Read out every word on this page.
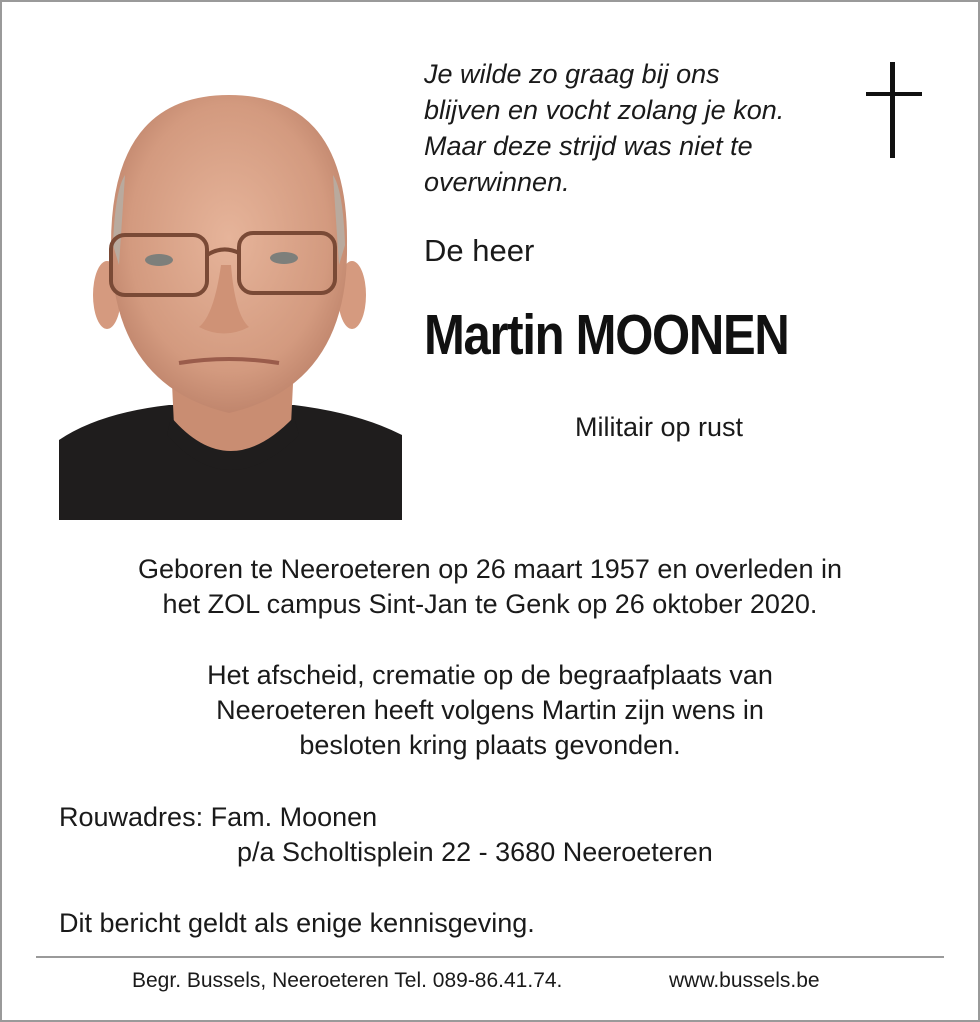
Je wilde zo graag bij ons
blijven en vocht zolang je kon.
Maar deze strijd was niet te
overwinnen.
De heer
Martin MOONEN
Militair op rust
Geboren te Neeroeteren op 26 maart 1957 en overleden in
het ZOL campus Sint-Jan te Genk op 26 oktober 2020.
Het afscheid, crematie op de begraafplaats van
Neeroeteren heeft volgens Martin zijn wens in
besloten kring plaats gevonden.
Rouwadres: Fam. Moonen
p/a Scholtisplein 22 - 3680 Neeroeteren
Dit bericht geldt als enige kennisgeving.
Begr. Bussels, Neeroeteren Tel. 089-86.41.74.	www.bussels.be
